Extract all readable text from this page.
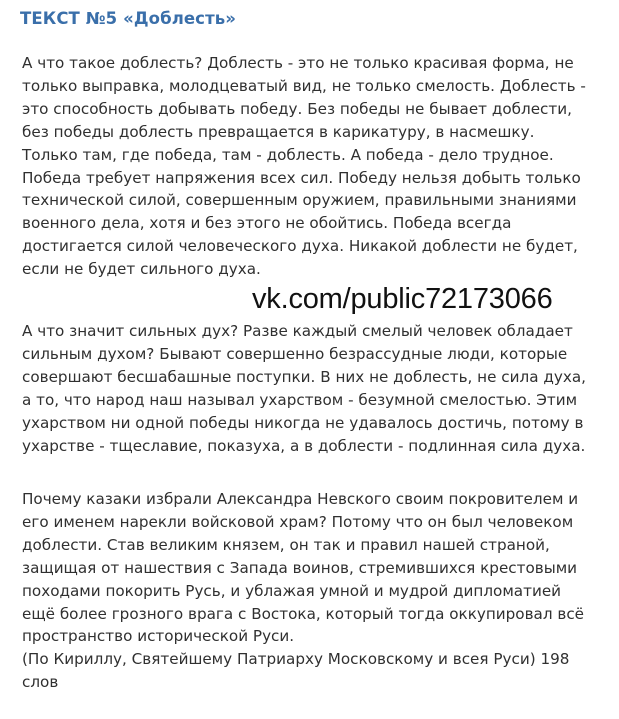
ТЕКСТ №5 «Доблесть»

А что такое доблесть? Доблесть - это не только красивая форма, не
только выправка, молодцеватый вид, не только смелость. Доблесть -
это способность добывать победу. Без победы не бывает доблести,
без победы доблесть превращается в карикатуру, в насмешку.
Только там, где победа, там - доблесть. А победа - дело трудное.
Победа требует напряжения всех сил. Победу нельзя добыть только
технической силой, совершенным оружием, правильными знаниями
военного дела, хотя и без этого не обойтись. Победа всегда
достигается силой человеческого духа. Никакой доблести не будет,
если не будет сильного духа.

А что значит сильных дух? Разве каждый смелый человек обладает
сильным духом? Бывают совершенно безрассудные люди, которые
совершают бесшабашные поступки. В них не доблесть, не сила духа,
а то, что народ наш называл ухарством - безумной смелостью. Этим
ухарством ни одной победы никогда не удавалось достичь, потому в
ухарстве - тщеславие, показуха, а в доблести - подлинная сила духа.

Почему казаки избрали Александра Невского своим покровителем и
его именем нарекли войсковой храм? Потому что он был человеком
доблести. Став великим князем, он так и правил нашей страной,
защищая от нашествия с Запада воинов, стремившихся крестовыми
походами покорить Русь, и ублажая умной и мудрой дипломатией
ещё более грозного врага с Востока, который тогда оккупировал всё
пространство исторической Руси.
(По Кириллу, Святейшему Патриарху Московскому и всея Руси) 198
слов

vk.com/public72173066
